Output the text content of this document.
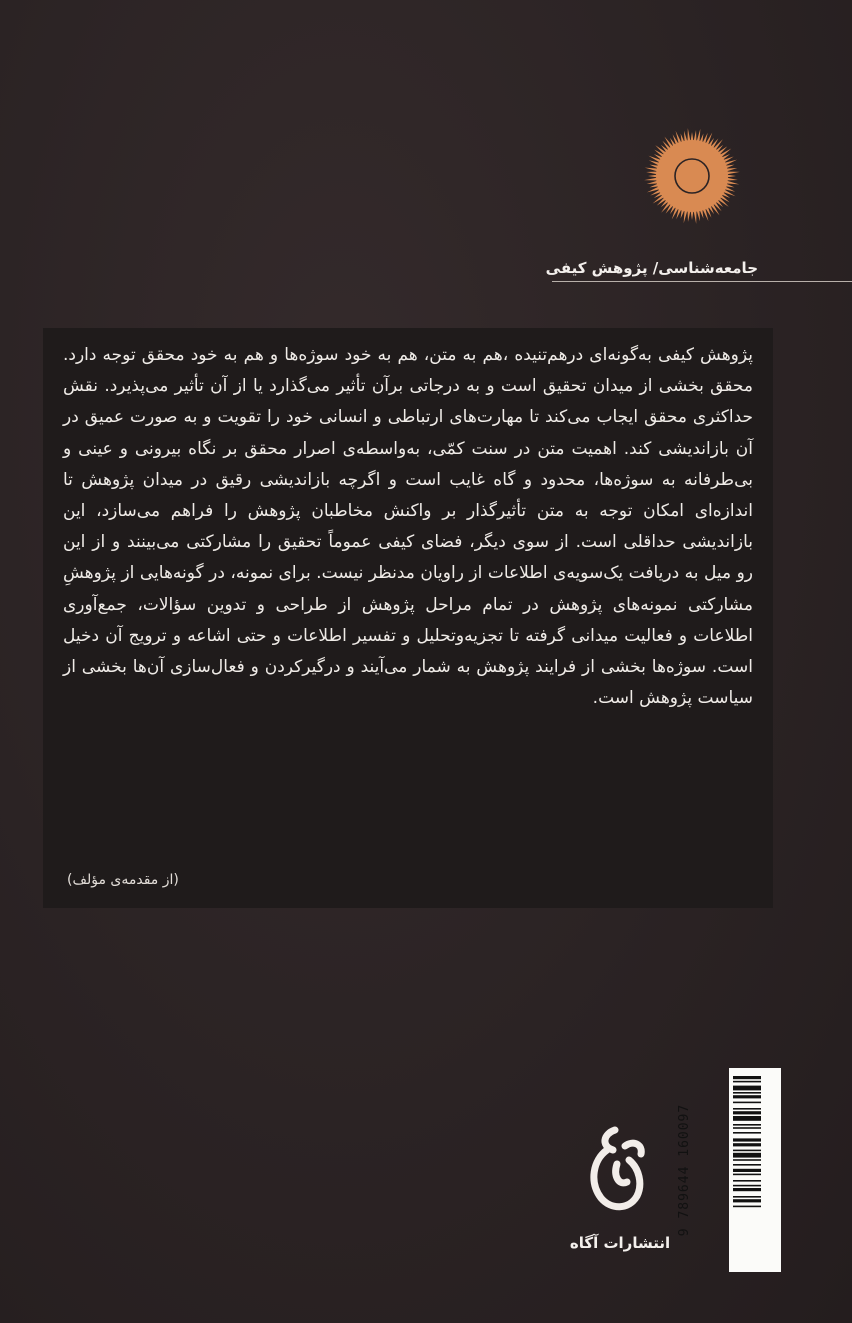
جامعه‌شناسی/ پژوهش کیفی
پژوهش کیفی به‌گونه‌ای درهم‌تنیده ،هم به متن، هم به خود سوژه‌ها و هم به خود محقق توجه دارد. محقق بخشی از میدان تحقیق است و به درجاتی برآن تأثیر می‌گذارد یا از آن تأثیر می‌پذیرد. نقش حداکثری محقق ایجاب می‌کند تا مهارت‌های ارتباطی و انسانی خود را تقویت و به صورت عمیق در آن بازاندیشی کند. اهمیت متن در سنت کمّی، به‌واسطه‌ی اصرار محقق بر نگاه بیرونی و عینی و بی‌طرفانه به سوژه‌ها، محدود و گاه غایب است و اگرچه بازاندیشی رقیق در میدان پژوهش تا اندازه‌ای امکان توجه به متن تأثیرگذار بر واکنش مخاطبان پژوهش را فراهم می‌سازد، این بازاندیشی حداقلی است. از سوی دیگر، فضای کیفی عموماً تحقیق را مشارکتی می‌بینند و از این رو میل به دریافت یک‌سویه‌ی اطلاعات از راویان مدنظر نیست. برای نمونه، در گونه‌هایی از پژوهشِ مشارکتی نمونه‌های پژوهش در تمام مراحل پژوهش از طراحی و تدوین سؤالات، جمع‌آوری اطلاعات و فعالیت میدانی گرفته تا تجزیه‌وتحلیل و تفسیر اطلاعات و حتی اشاعه و ترویج آن دخیل است. سوژه‌ها بخشی از فرایند پژوهش به شمار می‌آیند و درگیرکردن و فعال‌سازی آن‌ها بخشی از سیاست پژوهش است.
(از مقدمه‌ی مؤلف)
انتشارات آگاه
9 789644 160097
